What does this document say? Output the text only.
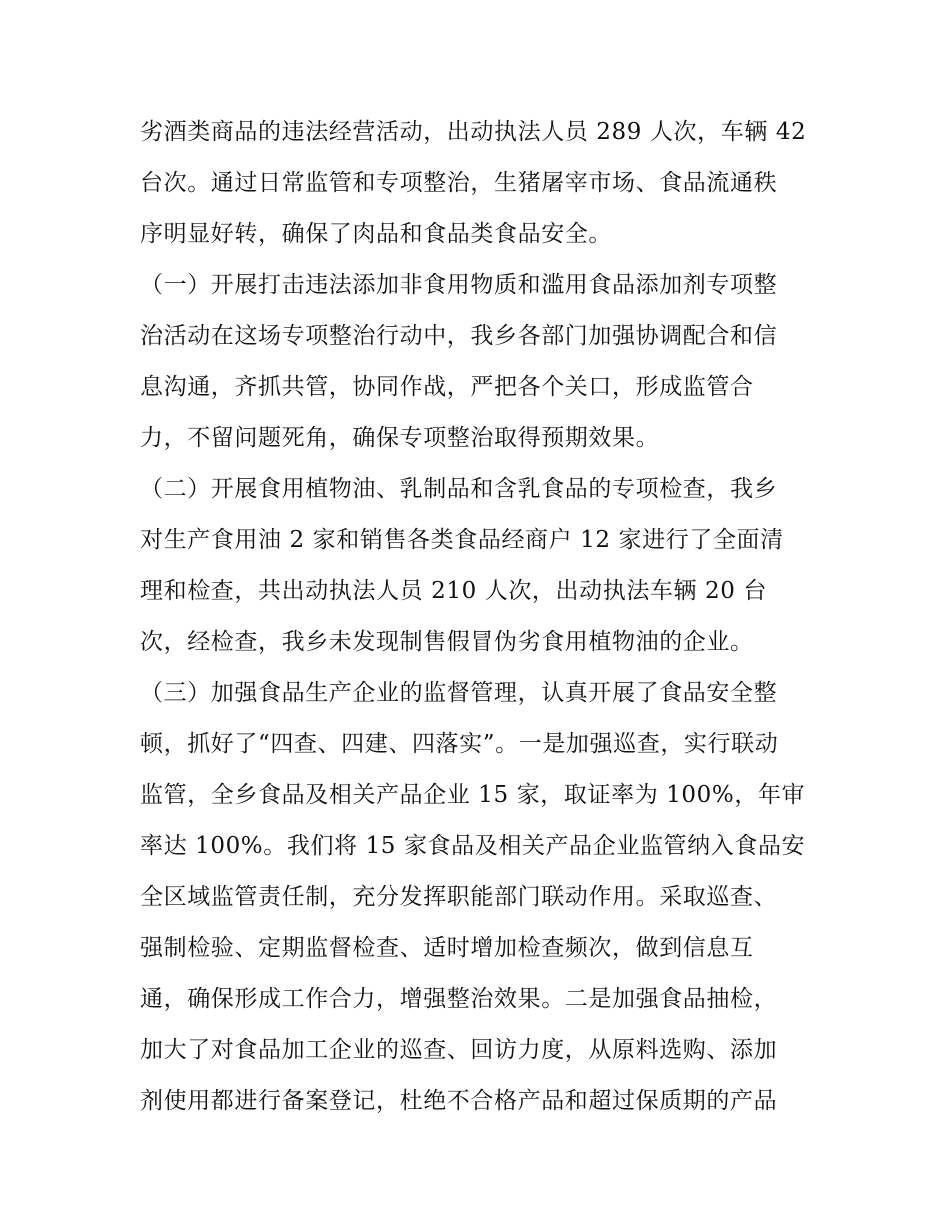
劣酒类商品的违法经营活动，出动执法人员 289 人次，车辆 42
台次。通过日常监管和专项整治，生猪屠宰市场、食品流通秩
序明显好转，确保了肉品和食品类食品安全。
（一）开展打击违法添加非食用物质和滥用食品添加剂专项整
治活动在这场专项整治行动中，我乡各部门加强协调配合和信
息沟通，齐抓共管，协同作战，严把各个关口，形成监管合
力，不留问题死角，确保专项整治取得预期效果。
（二）开展食用植物油、乳制品和含乳食品的专项检查，我乡
对生产食用油 2 家和销售各类食品经商户 12 家进行了全面清
理和检查，共出动执法人员 210 人次，出动执法车辆 20 台
次，经检查，我乡未发现制售假冒伪劣食用植物油的企业。
（三）加强食品生产企业的监督管理，认真开展了食品安全整
顿，抓好了“四查、四建、四落实”。一是加强巡查，实行联动
监管，全乡食品及相关产品企业 15 家，取证率为 100%，年审
率达 100%。我们将 15 家食品及相关产品企业监管纳入食品安
全区域监管责任制，充分发挥职能部门联动作用。采取巡查、
强制检验、定期监督检查、适时增加检查频次，做到信息互
通，确保形成工作合力，增强整治效果。二是加强食品抽检，
加大了对食品加工企业的巡查、回访力度，从原料选购、添加
剂使用都进行备案登记，杜绝不合格产品和超过保质期的产品
